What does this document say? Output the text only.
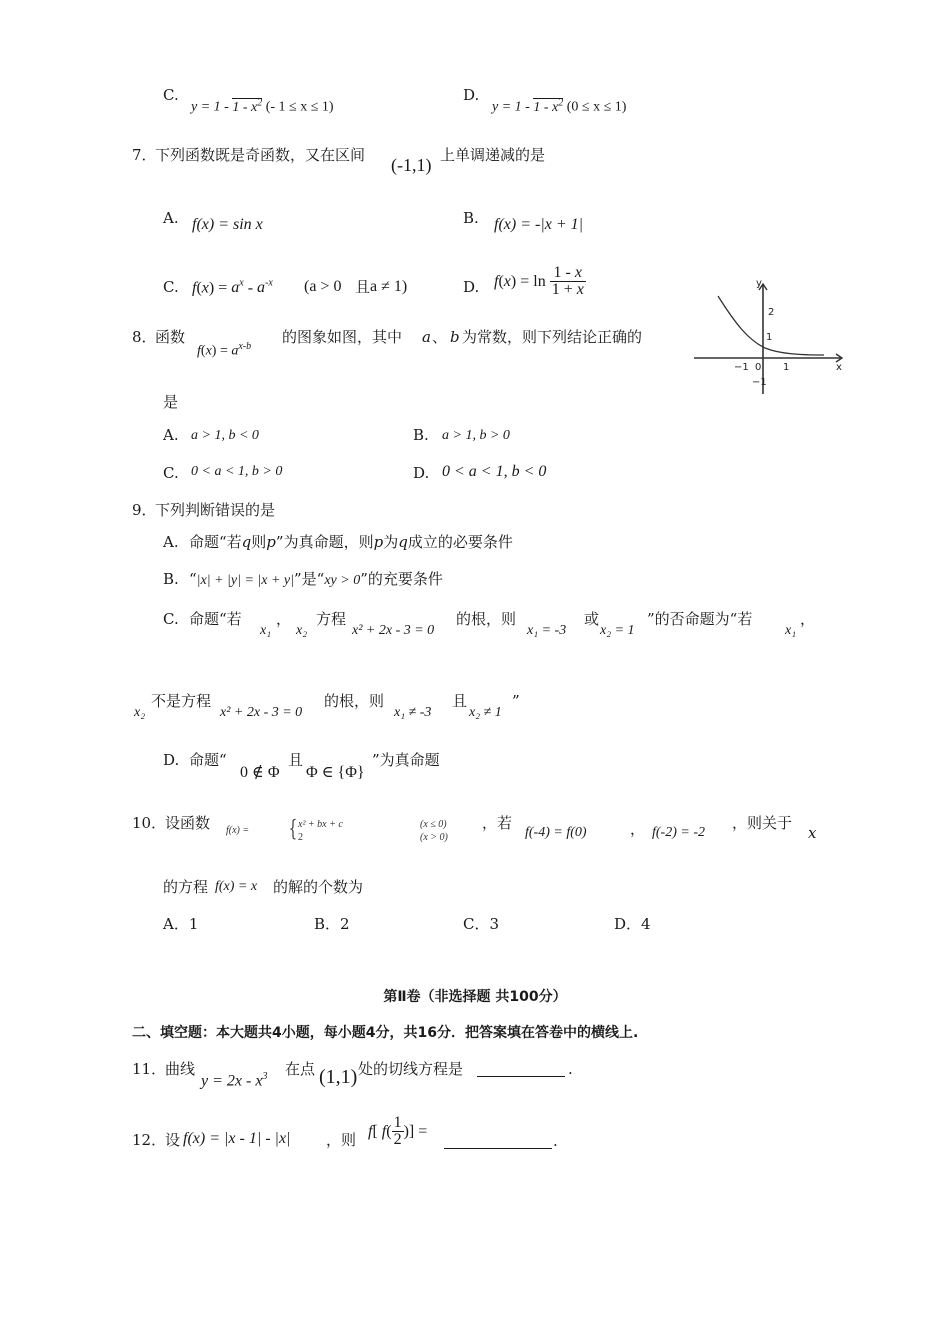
C.
$y = 1 - 1 - x^2$ (- 1 ≤ x ≤ 1)
D.
$y = 1 - 1 - x^2$ (0 ≤ x ≤ 1)
7．
下列函数既是奇函数，又在区间 (-1,1) 上单调递减的是
A. f(x) = sin x	B. f(x) = -|x + 1|
C. $f(x) = a^x - a^{-x}$ (a > 0 且 a ≠ 1)	D. $f(x) = \ln \frac{1 - x}{1 + x}$
8．
函数
$f(x) = a^{x-b}$
的图象如图，其中 a 、 b 为常数，则下列结论正确的
是
y
x
2
1
−1 0 1
−1
A. a > 1, b < 0	B. a > 1, b > 0
C. 0 < a < 1, b > 0	D. 0 < a < 1, b < 0
9．
下列判断错误的是
A. 命题“若q则p”为真命题，则p为q成立的必要条件
B. “|x| + |y| = |x + y|”是“xy > 0”的充要条件
C. 命题“若
x₁
，
x₂
方程
x² + 2x - 3 = 0
的根，则
x₁ = -3
或
x₂ = 1
”的否命题为“若
x₁
，
x₂
不是方程
x² + 2x - 3 = 0
的根，则
x₁ ≠ -3
且
x₂ ≠ 1
”
D. 命题“
0 ∉ Φ
且
Φ ∈ {Φ}
”为真命题
10．
设函数 f(x) = { x² + bx + c
2
(x ≤ 0)
(x > 0)
，若
f(-4) = f(0)	， f(-2) = -2
，则关于
x
的方程 f(x) = x 的解的个数为
A．1	B．2	C．3	D．4
第Ⅱ卷（非选择题 共100分）
二、填空题：本大题共4小题，每小题4分，共16分．把答案填在答卷中的横线上.
11．
曲线
$y = 2x - x^3$ 在点 (1,1) 处的切线方程是	.
12．
设 f(x) = |x - 1| - |x| ，则 f[ $f( \frac{1}{2}$ )] =
.
